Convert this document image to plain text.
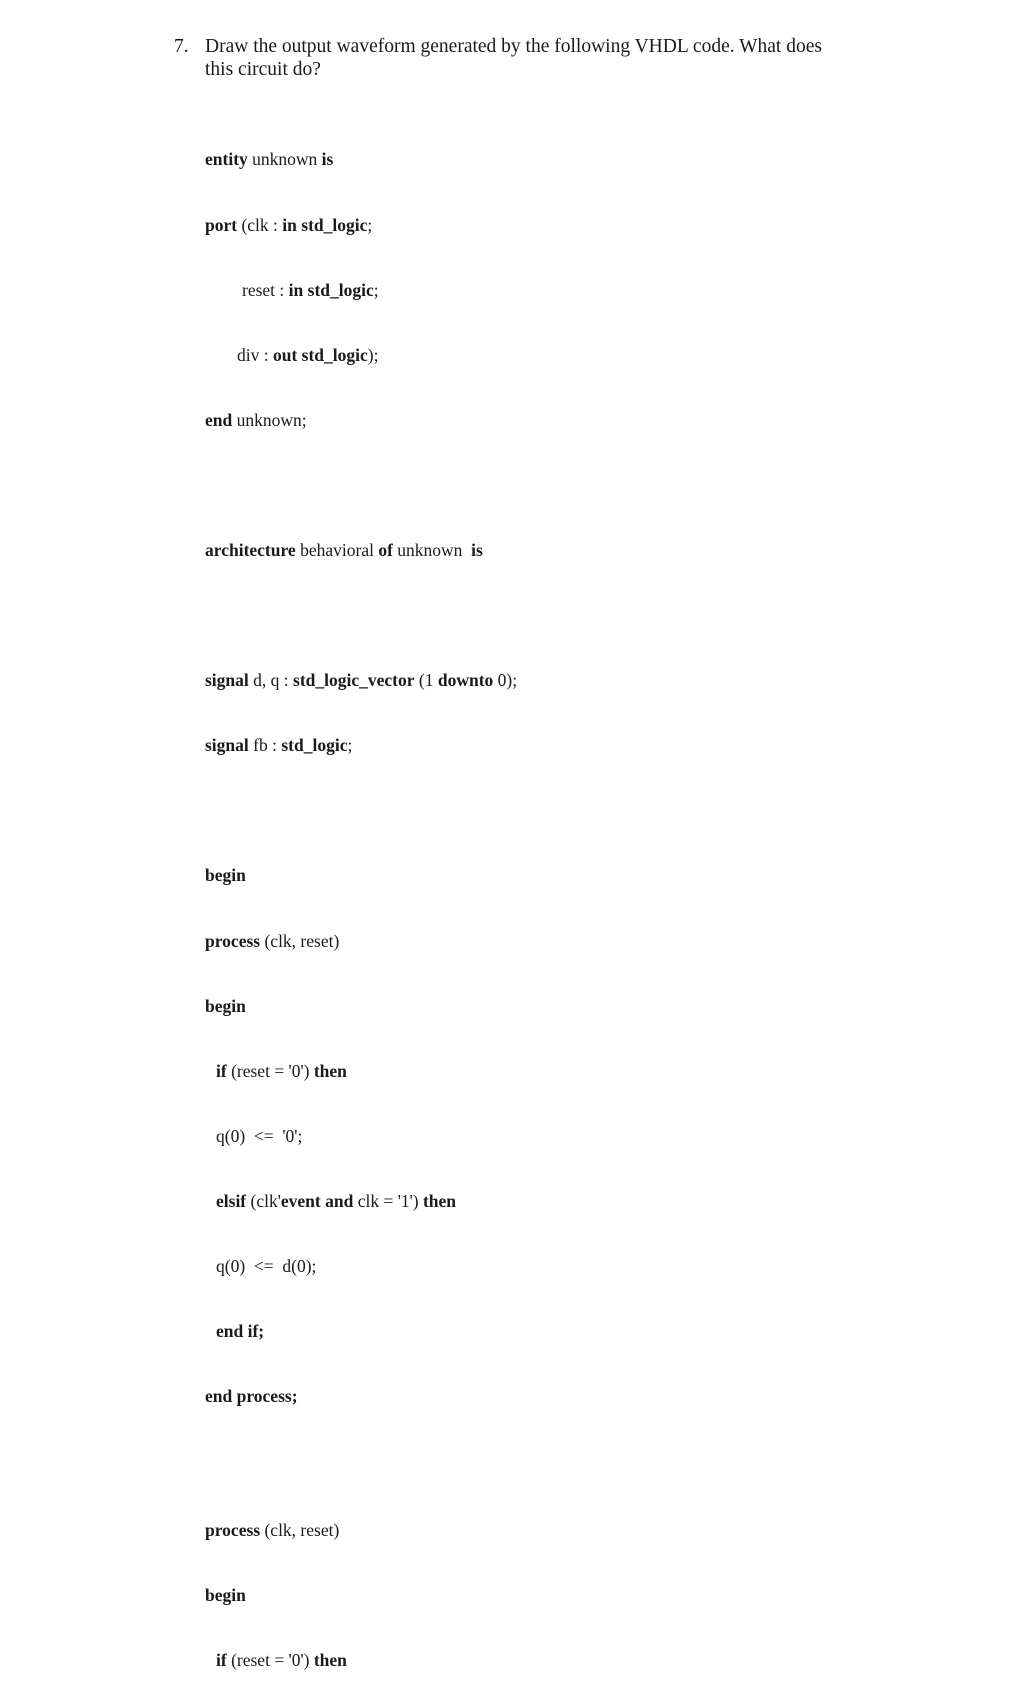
7. Draw the output waveform generated by the following VHDL code. What does this circuit do?

entity unknown is

port (clk : in std_logic;

reset : in std_logic;

div : out std_logic);

end unknown;

architecture behavioral of unknown  is

signal d, q : std_logic_vector (1 downto 0);

signal fb : std_logic;

begin

process (clk, reset)

begin

if (reset = '0') then

q(0)  <=  '0';

elsif (clk'event and clk = '1') then

q(0)  <=  d(0);

end if;

end process;

process (clk, reset)

begin

if (reset = '0') then
